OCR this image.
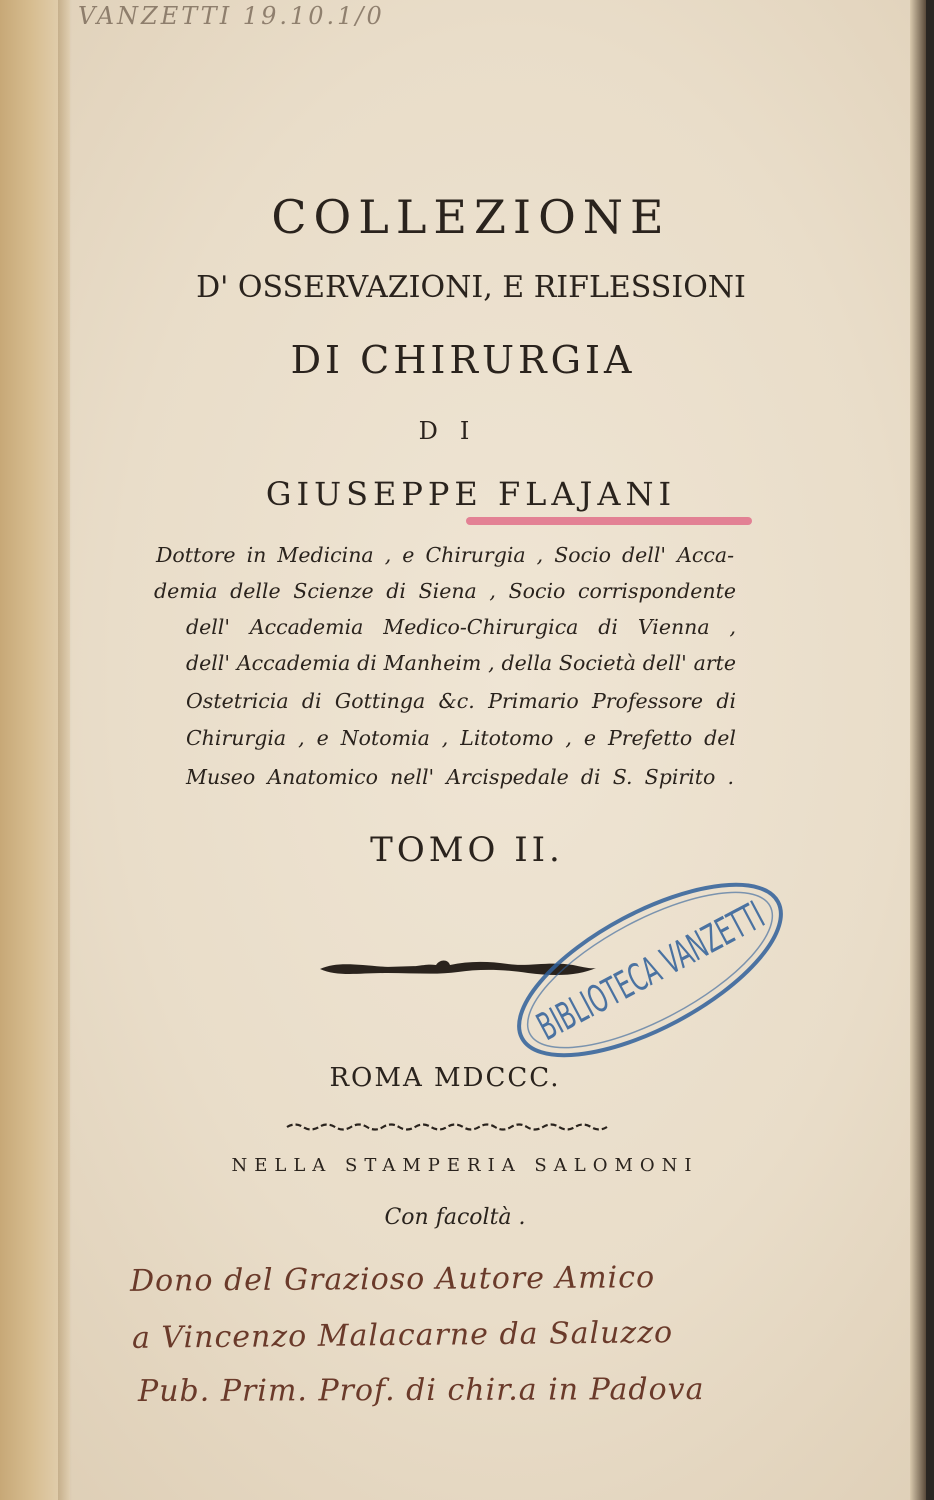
VANZETTI 19.10.1/0
COLLEZIONE
D' OSSERVAZIONI, E RIFLESSIONI
DI CHIRURGIA
DI
GIUSEPPE FLAJANI
Dottore in Medicina , e Chirurgia , Socio dell' Acca-
demia delle Scienze di Siena , Socio corrispondente
dell' Accademia Medico-Chirurgica di Vienna ,
dell' Accademia di Manheim , della Società dell' arte
Ostetricia di Gottinga &c. Primario Professore di
Chirurgia , e Notomia , Litotomo , e Prefetto del
Museo Anatomico nell' Arcispedale di S. Spirito .
TOMO II.
ROMA MDCCC.
NELLA STAMPERIA SALOMONI
Con facoltà .
BIBLIOTECA VANZETTI
Dono del Grazioso Autore Amico
a Vincenzo Malacarne da Saluzzo
Pub. Prim. Prof. di chir.a in Padova
